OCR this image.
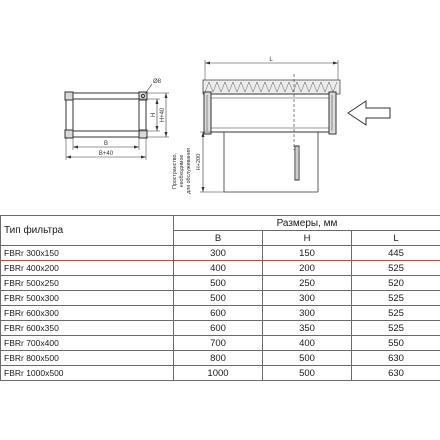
B
B+40
Ø8
H H+40
Пространство, необходимое для обслуживания
L
H+200
Тип фильтра	Размеры, мм		
	B	H	L
FBRr 300x150	300	150	445
FBRr 400x200	400	200	525
FBRr 500x250	500	250	520
FBRr 500x300	500	300	525
FBRr 600x300	600	300	525
FBRr 600x350	600	350	525
FBRr 700x400	700	400	550
FBRr 800x500	800	500	630
FBRr 1000x500	1000	500	630
